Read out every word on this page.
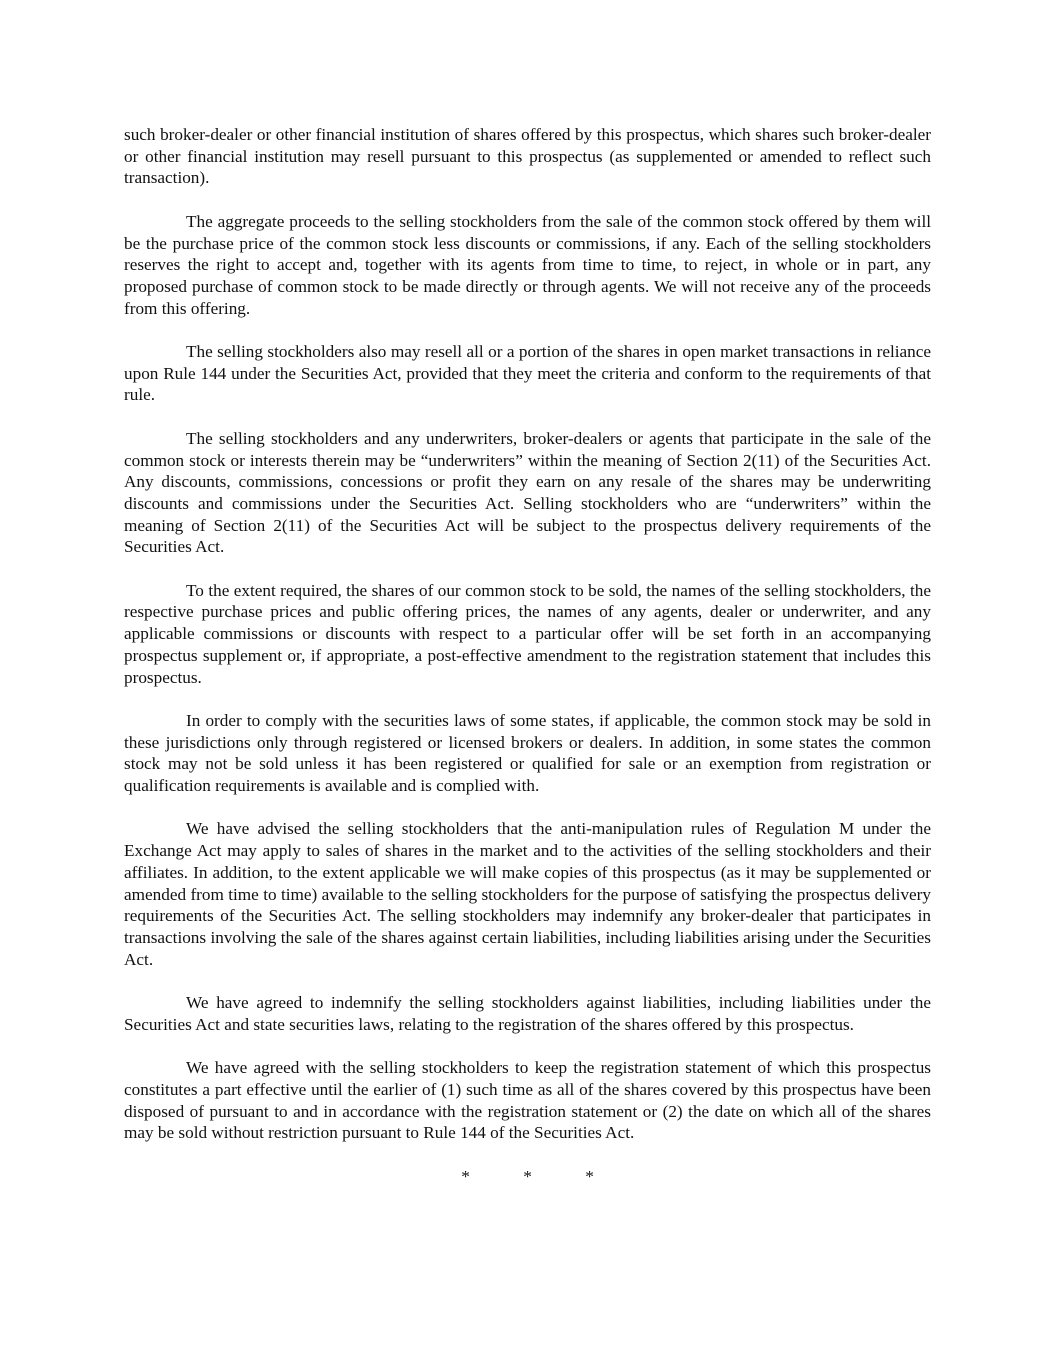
such broker-dealer or other financial institution of shares offered by this prospectus, which shares such broker-dealer or other financial institution may resell pursuant to this prospectus (as supplemented or amended to reflect such transaction).

The aggregate proceeds to the selling stockholders from the sale of the common stock offered by them will be the purchase price of the common stock less discounts or commissions, if any. Each of the selling stockholders reserves the right to accept and, together with its agents from time to time, to reject, in whole or in part, any proposed purchase of common stock to be made directly or through agents. We will not receive any of the proceeds from this offering.

The selling stockholders also may resell all or a portion of the shares in open market transactions in reliance upon Rule 144 under the Securities Act, provided that they meet the criteria and conform to the requirements of that rule.

The selling stockholders and any underwriters, broker-dealers or agents that participate in the sale of the common stock or interests therein may be “underwriters” within the meaning of Section 2(11) of the Securities Act. Any discounts, commissions, concessions or profit they earn on any resale of the shares may be underwriting discounts and commissions under the Securities Act. Selling stockholders who are “underwriters” within the meaning of Section 2(11) of the Securities Act will be subject to the prospectus delivery requirements of the Securities Act.

To the extent required, the shares of our common stock to be sold, the names of the selling stockholders, the respective purchase prices and public offering prices, the names of any agents, dealer or underwriter, and any applicable commissions or discounts with respect to a particular offer will be set forth in an accompanying prospectus supplement or, if appropriate, a post-effective amendment to the registration statement that includes this prospectus.

In order to comply with the securities laws of some states, if applicable, the common stock may be sold in these jurisdictions only through registered or licensed brokers or dealers. In addition, in some states the common stock may not be sold unless it has been registered or qualified for sale or an exemption from registration or qualification requirements is available and is complied with.

We have advised the selling stockholders that the anti-manipulation rules of Regulation M under the Exchange Act may apply to sales of shares in the market and to the activities of the selling stockholders and their affiliates. In addition, to the extent applicable we will make copies of this prospectus (as it may be supplemented or amended from time to time) available to the selling stockholders for the purpose of satisfying the prospectus delivery requirements of the Securities Act. The selling stockholders may indemnify any broker-dealer that participates in transactions involving the sale of the shares against certain liabilities, including liabilities arising under the Securities Act.

We have agreed to indemnify the selling stockholders against liabilities, including liabilities under the Securities Act and state securities laws, relating to the registration of the shares offered by this prospectus.

We have agreed with the selling stockholders to keep the registration statement of which this prospectus constitutes a part effective until the earlier of (1) such time as all of the shares covered by this prospectus have been disposed of pursuant to and in accordance with the registration statement or (2) the date on which all of the shares may be sold without restriction pursuant to Rule 144 of the Securities Act.

*	*	*
